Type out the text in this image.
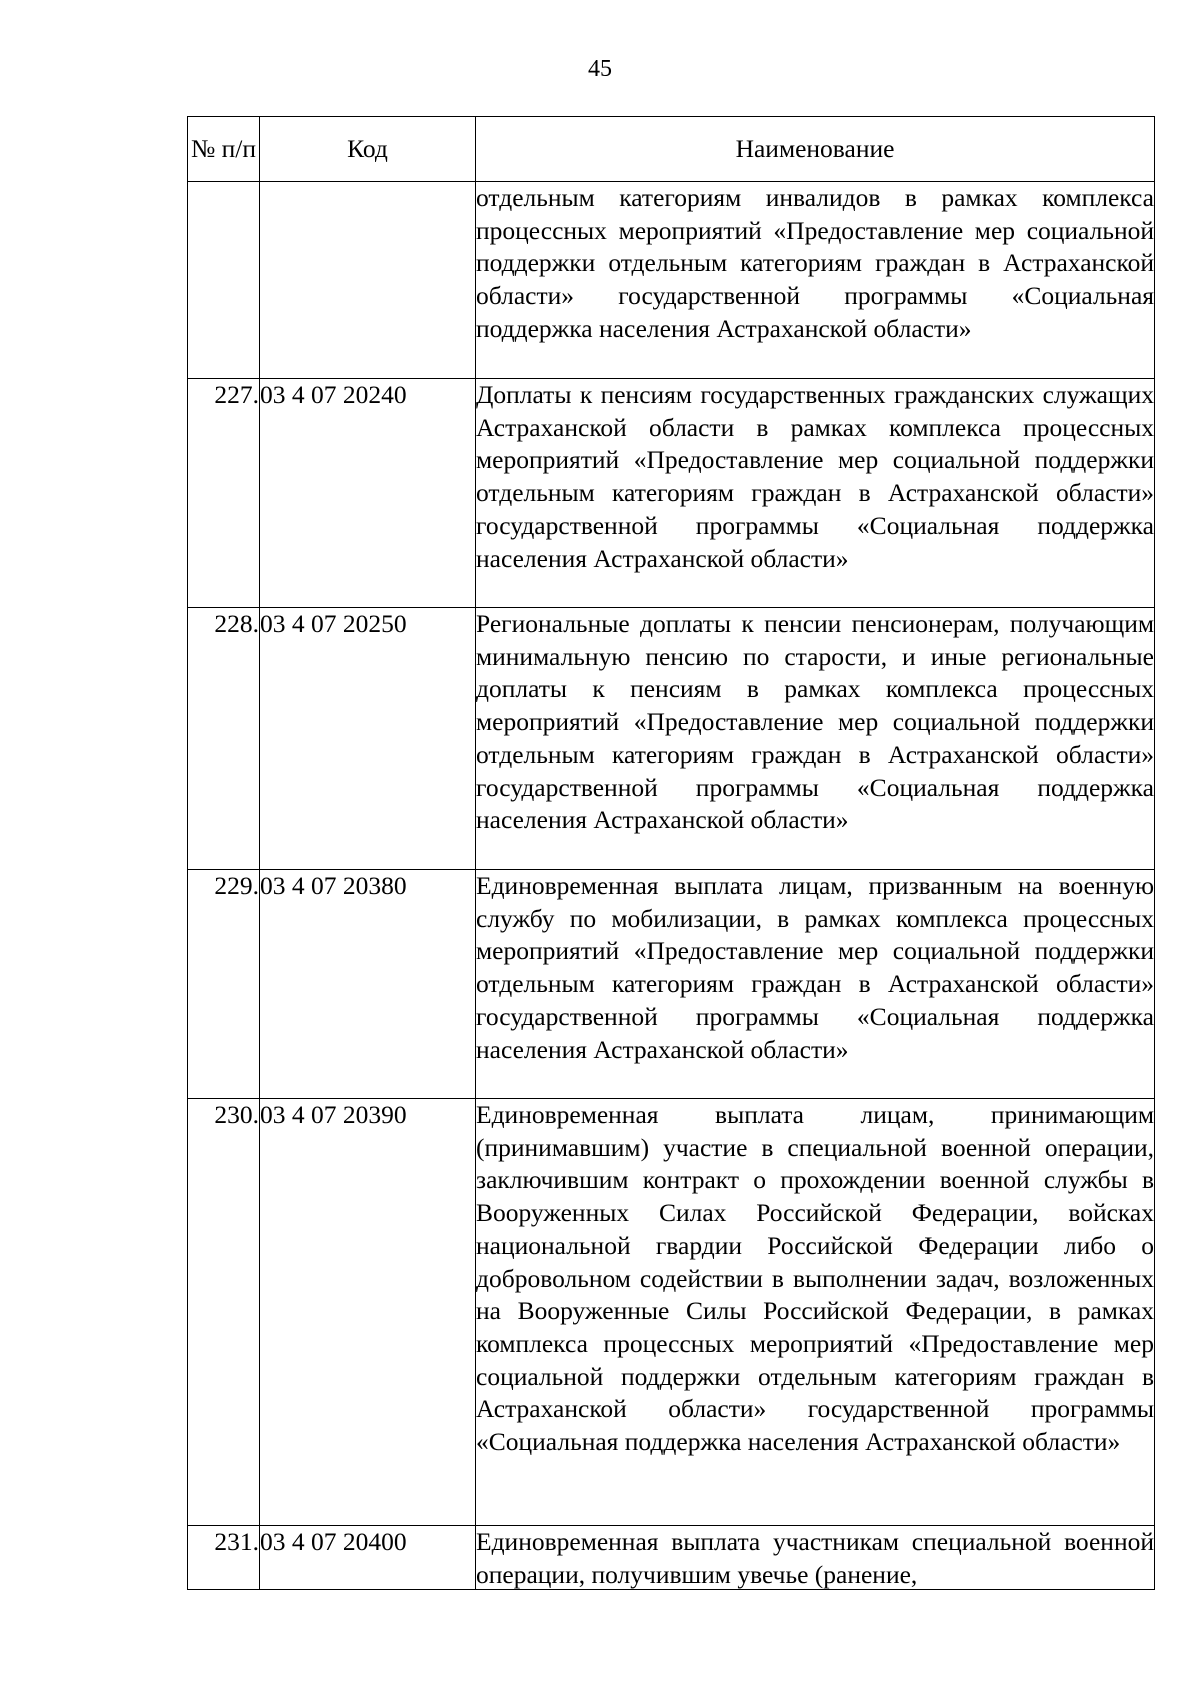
45
№ п/п	Код	Наименование
		отдельным категориям инвалидов в рамках комплекса процессных мероприятий «Предоставление мер социальной поддержки отдельным категориям граждан в Астраханской области» государственной программы «Социальная поддержка населения Астраханской области»
227.	03 4 07 20240	Доплаты к пенсиям государственных гражданских служащих Астраханской области в рамках комплекса процессных мероприятий «Предоставление мер социальной поддержки отдельным категориям граждан в Астраханской области» государственной программы «Социальная поддержка населения Астраханской области»
228.	03 4 07 20250	Региональные доплаты к пенсии пенсионерам, получающим минимальную пенсию по старости, и иные региональные доплаты к пенсиям в рамках комплекса процессных мероприятий «Предоставление мер социальной поддержки отдельным категориям граждан в Астраханской области» государственной программы «Социальная поддержка населения Астраханской области»
229.	03 4 07 20380	Единовременная выплата лицам, призванным на военную службу по мобилизации, в рамках комплекса процессных мероприятий «Предоставление мер социальной поддержки отдельным категориям граждан в Астраханской области» государственной программы «Социальная поддержка населения Астраханской области»
230.	03 4 07 20390	Единовременная выплата лицам, принимающим (принимавшим) участие в специальной военной операции, заключившим контракт о прохождении военной службы в Вооруженных Силах Российской Федерации, войсках национальной гвардии Российской Федерации либо о добровольном содействии в выполнении задач, возложенных на Вооруженные Силы Российской Федерации, в рамках комплекса процессных мероприятий «Предоставление мер социальной поддержки отдельным категориям граждан в Астраханской области» государственной программы «Социальная поддержка населения Астраханской области»
231.	03 4 07 20400	Единовременная выплата участникам специальной военной операции, получившим увечье (ранение,
